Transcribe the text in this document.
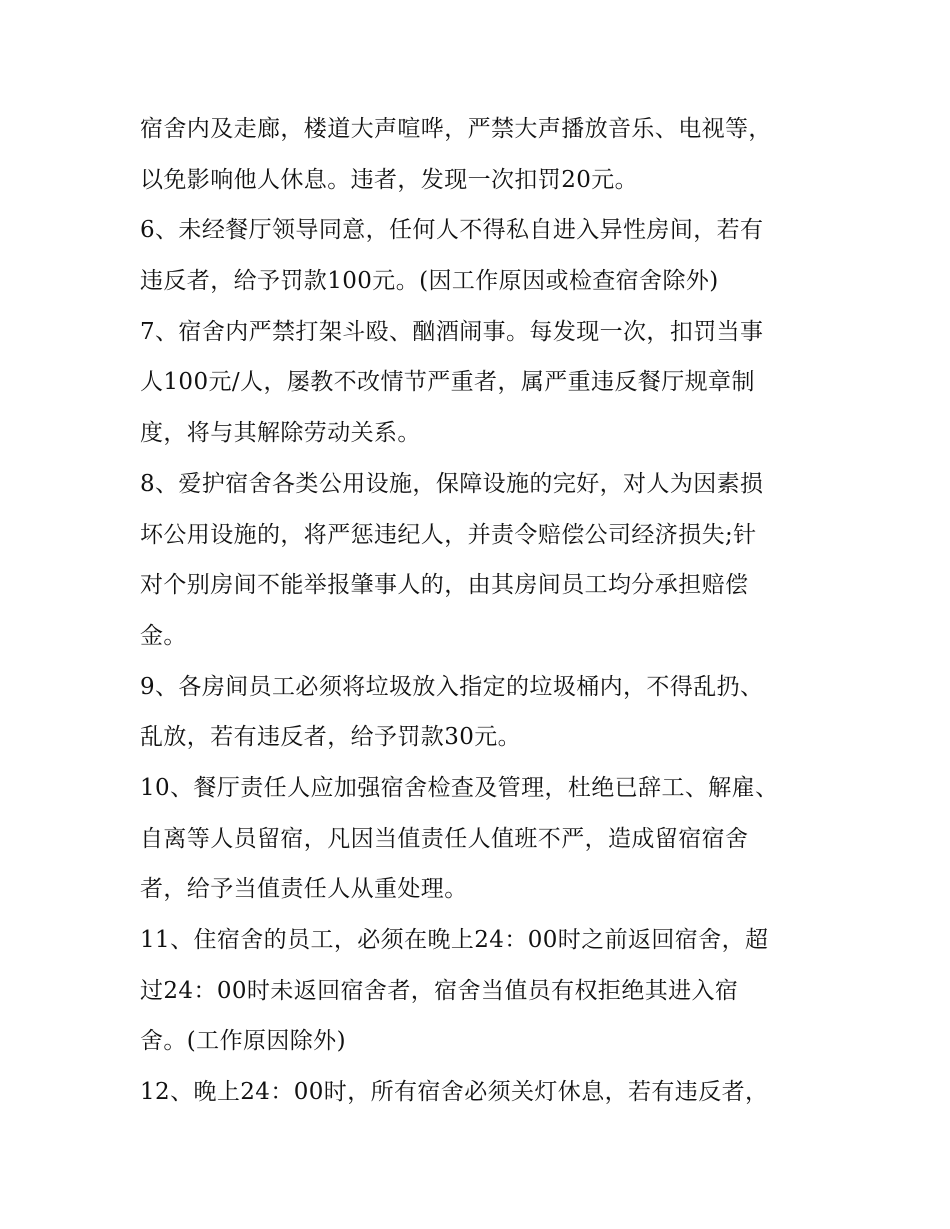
宿舍内及走廊，楼道大声喧哗，严禁大声播放音乐、电视等，
以免影响他人休息。违者，发现一次扣罚20元。
6、未经餐厅领导同意，任何人不得私自进入异性房间，若有
违反者，给予罚款100元。(因工作原因或检查宿舍除外)
7、宿舍内严禁打架斗殴、酗酒闹事。每发现一次，扣罚当事
人100元/人，屡教不改情节严重者，属严重违反餐厅规章制
度，将与其解除劳动关系。
8、爱护宿舍各类公用设施，保障设施的完好，对人为因素损
坏公用设施的，将严惩违纪人，并责令赔偿公司经济损失;针
对个别房间不能举报肇事人的，由其房间员工均分承担赔偿
金。
9、各房间员工必须将垃圾放入指定的垃圾桶内，不得乱扔、
乱放，若有违反者，给予罚款30元。
10、餐厅责任人应加强宿舍检查及管理，杜绝已辞工、解雇、
自离等人员留宿，凡因当值责任人值班不严，造成留宿宿舍
者，给予当值责任人从重处理。
11、住宿舍的员工，必须在晚上24：00时之前返回宿舍，超
过24：00时未返回宿舍者，宿舍当值员有权拒绝其进入宿
舍。(工作原因除外)
12、晚上24：00时，所有宿舍必须关灯休息，若有违反者，
